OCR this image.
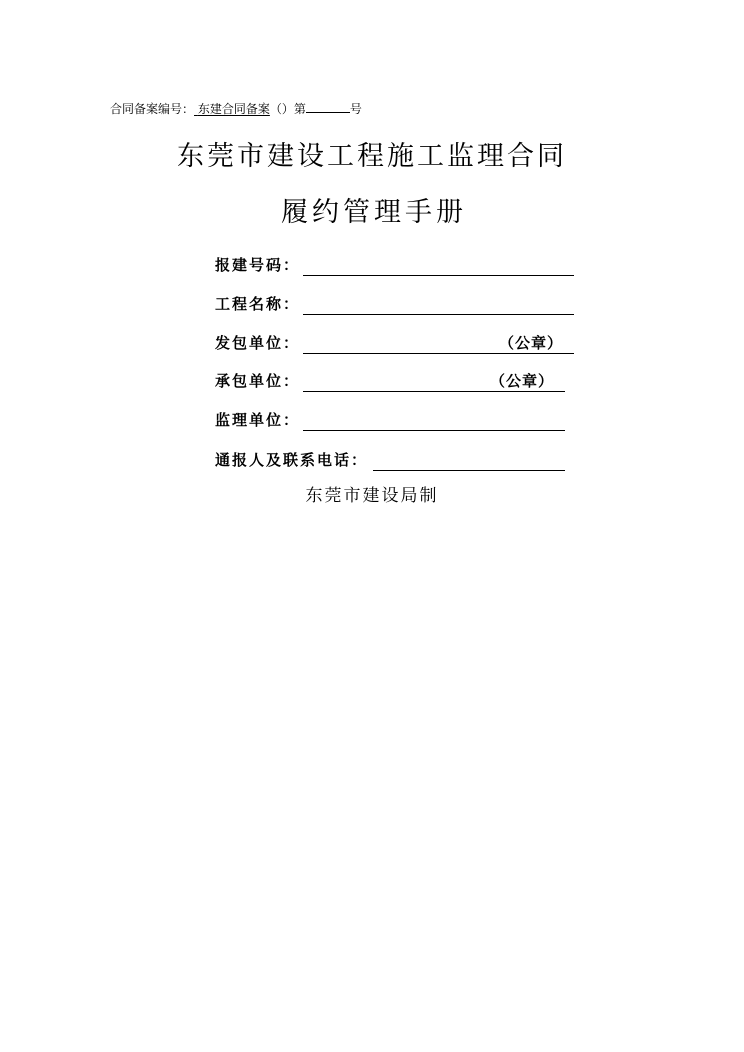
合同备案编号： 东建合同备案（）第	号
东莞市建设工程施工监理合同
履约管理手册
报建号码：
工程名称：
发包单位：	（公章）
承包单位：	（公章）
监理单位：
通报人及联系电话：
东莞市建设局制
